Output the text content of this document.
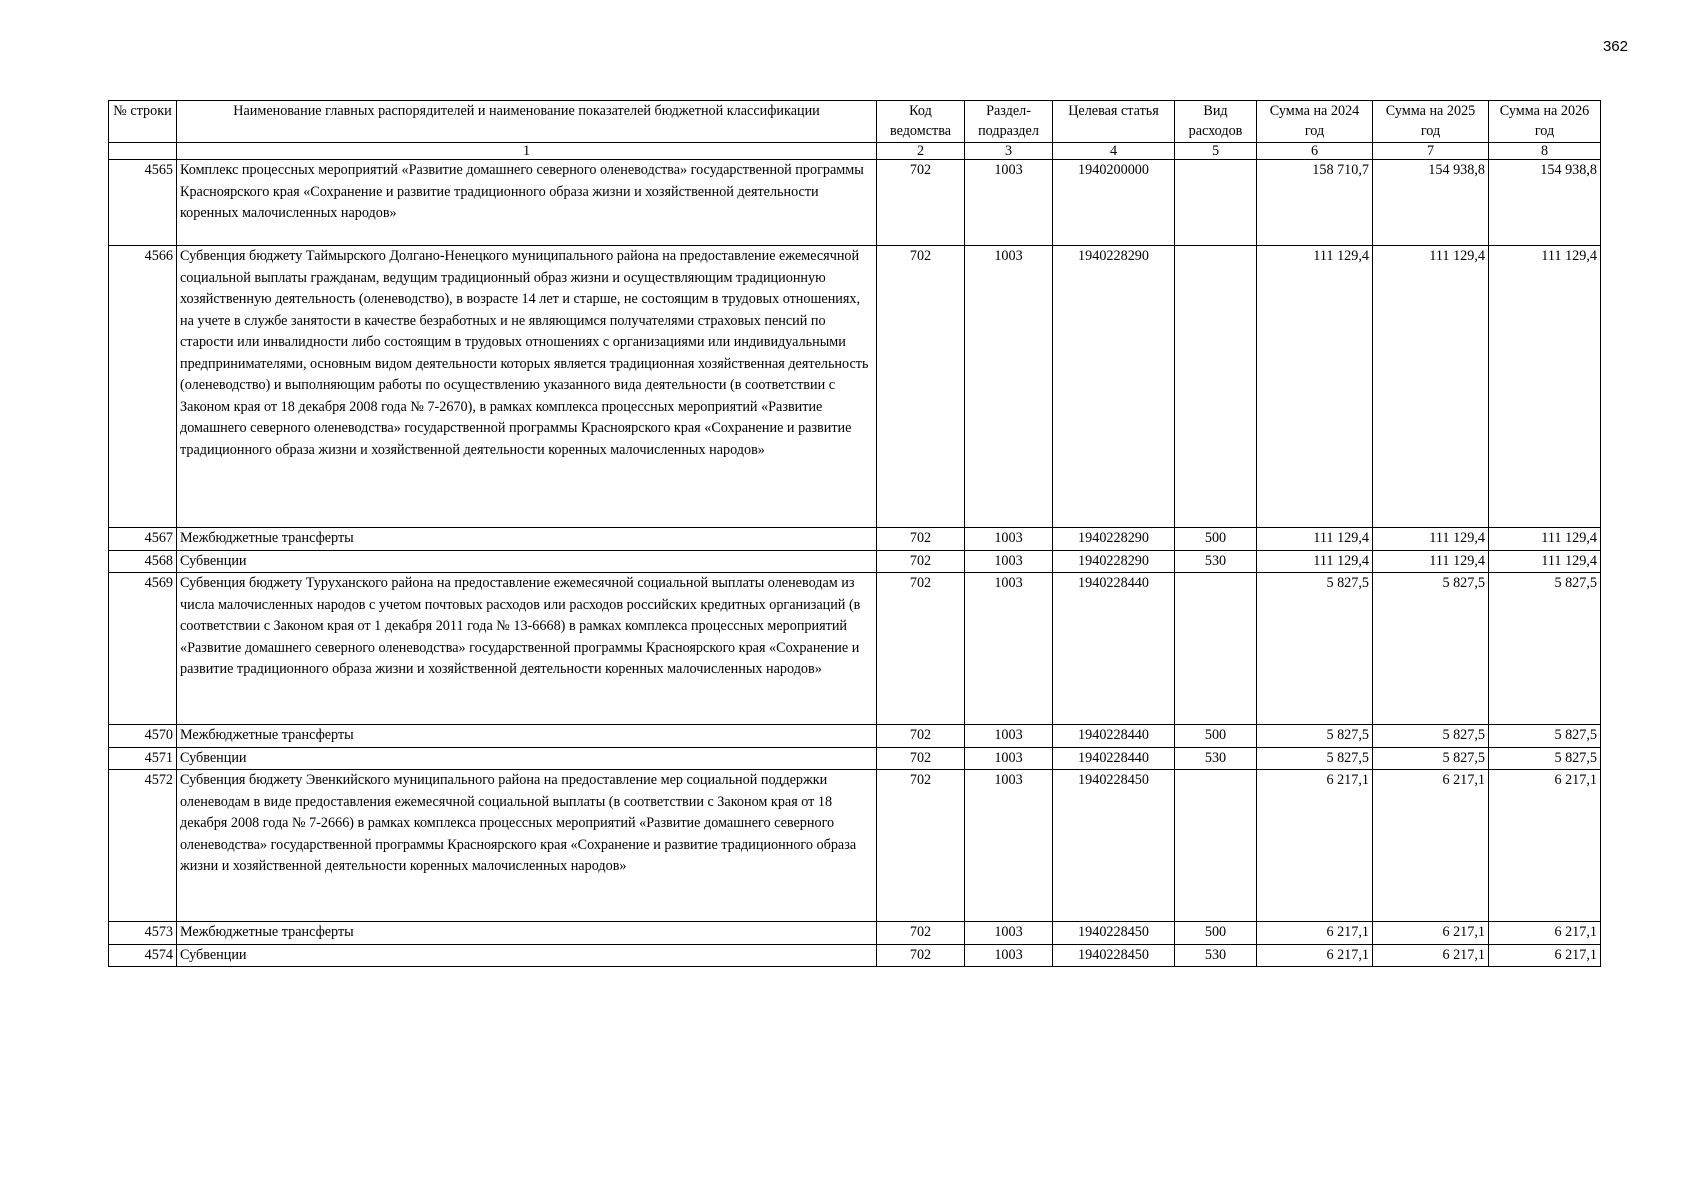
362
№ строки	Наименование главных распорядителей и наименование показателей бюджетной классификации	Код ведомства	Раздел-подраздел	Целевая статья	Вид расходов	Сумма на 2024 год	Сумма на 2025 год	Сумма на 2026 год
	1	2	3	4	5	6	7	8
4565	Комплекс процессных мероприятий «Развитие домашнего северного оленеводства» государственной программы Красноярского края «Сохранение и развитие традиционного образа жизни и хозяйственной деятельности коренных малочисленных народов»	702	1003	1940200000		158 710,7	154 938,8	154 938,8
4566	Субвенция бюджету Таймырского Долгано-Ненецкого муниципального района на предоставление ежемесячной социальной выплаты гражданам, ведущим традиционный образ жизни и осуществляющим традиционную хозяйственную деятельность (оленеводство), в возрасте 14 лет и старше, не состоящим в трудовых отношениях, на учете в службе занятости в качестве безработных и не являющимся получателями страховых пенсий по старости или инвалидности либо состоящим в трудовых отношениях с организациями или индивидуальными предпринимателями, основным видом деятельности которых является традиционная хозяйственная деятельность (оленеводство) и выполняющим работы по осуществлению указанного вида деятельности (в соответствии с Законом края от 18 декабря 2008 года № 7-2670), в рамках комплекса процессных мероприятий «Развитие домашнего северного оленеводства» государственной программы Красноярского края «Сохранение и развитие традиционного образа жизни и хозяйственной деятельности коренных малочисленных народов»	702	1003	1940228290		111 129,4	111 129,4	111 129,4
4567	Межбюджетные трансферты	702	1003	1940228290	500	111 129,4	111 129,4	111 129,4
4568	Субвенции	702	1003	1940228290	530	111 129,4	111 129,4	111 129,4
4569	Субвенция бюджету Туруханского района на предоставление ежемесячной социальной выплаты оленеводам из числа малочисленных народов с учетом почтовых расходов или расходов российских кредитных организаций (в соответствии с Законом края от 1 декабря 2011 года № 13-6668) в рамках комплекса процессных мероприятий «Развитие домашнего северного оленеводства» государственной программы Красноярского края «Сохранение и развитие традиционного образа жизни и хозяйственной деятельности коренных малочисленных народов»	702	1003	1940228440		5 827,5	5 827,5	5 827,5
4570	Межбюджетные трансферты	702	1003	1940228440	500	5 827,5	5 827,5	5 827,5
4571	Субвенции	702	1003	1940228440	530	5 827,5	5 827,5	5 827,5
4572	Субвенция бюджету Эвенкийского муниципального района на предоставление мер социальной поддержки оленеводам в виде предоставления ежемесячной социальной выплаты (в соответствии с Законом края от 18 декабря 2008 года № 7-2666) в рамках комплекса процессных мероприятий «Развитие домашнего северного оленеводства» государственной программы Красноярского края «Сохранение и развитие традиционного образа жизни и хозяйственной деятельности коренных малочисленных народов»	702	1003	1940228450		6 217,1	6 217,1	6 217,1
4573	Межбюджетные трансферты	702	1003	1940228450	500	6 217,1	6 217,1	6 217,1
4574	Субвенции	702	1003	1940228450	530	6 217,1	6 217,1	6 217,1
